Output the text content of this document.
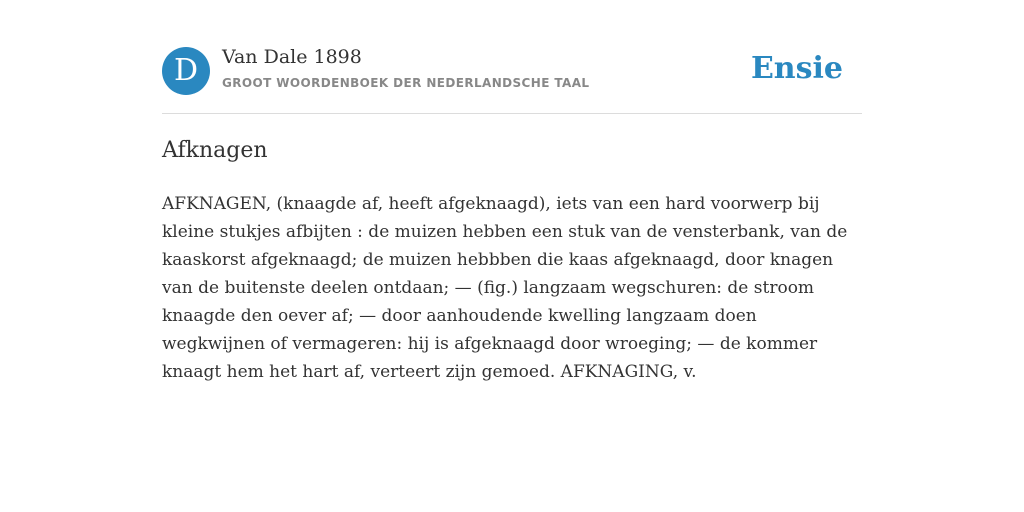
D	Van Dale 1898
GROOT WOORDENBOEK DER NEDERLANDSCHE TAAL	Ensie
Afknagen

AFKNAGEN, (knaagde af, heeft afgeknaagd), iets van een hard voorwerp bij kleine stukjes afbijten : de muizen hebben een stuk van de vensterbank, van de kaaskorst afgeknaagd; de muizen hebbben die kaas afgeknaagd, door knagen van de buitenste deelen ontdaan; — (fig.) langzaam wegschuren: de stroom knaagde den oever af; — door aanhoudende kwelling langzaam doen wegkwijnen of vermageren: hij is afgeknaagd door wroeging; — de kommer knaagt hem het hart af, verteert zijn gemoed. AFKNAGING, v.
